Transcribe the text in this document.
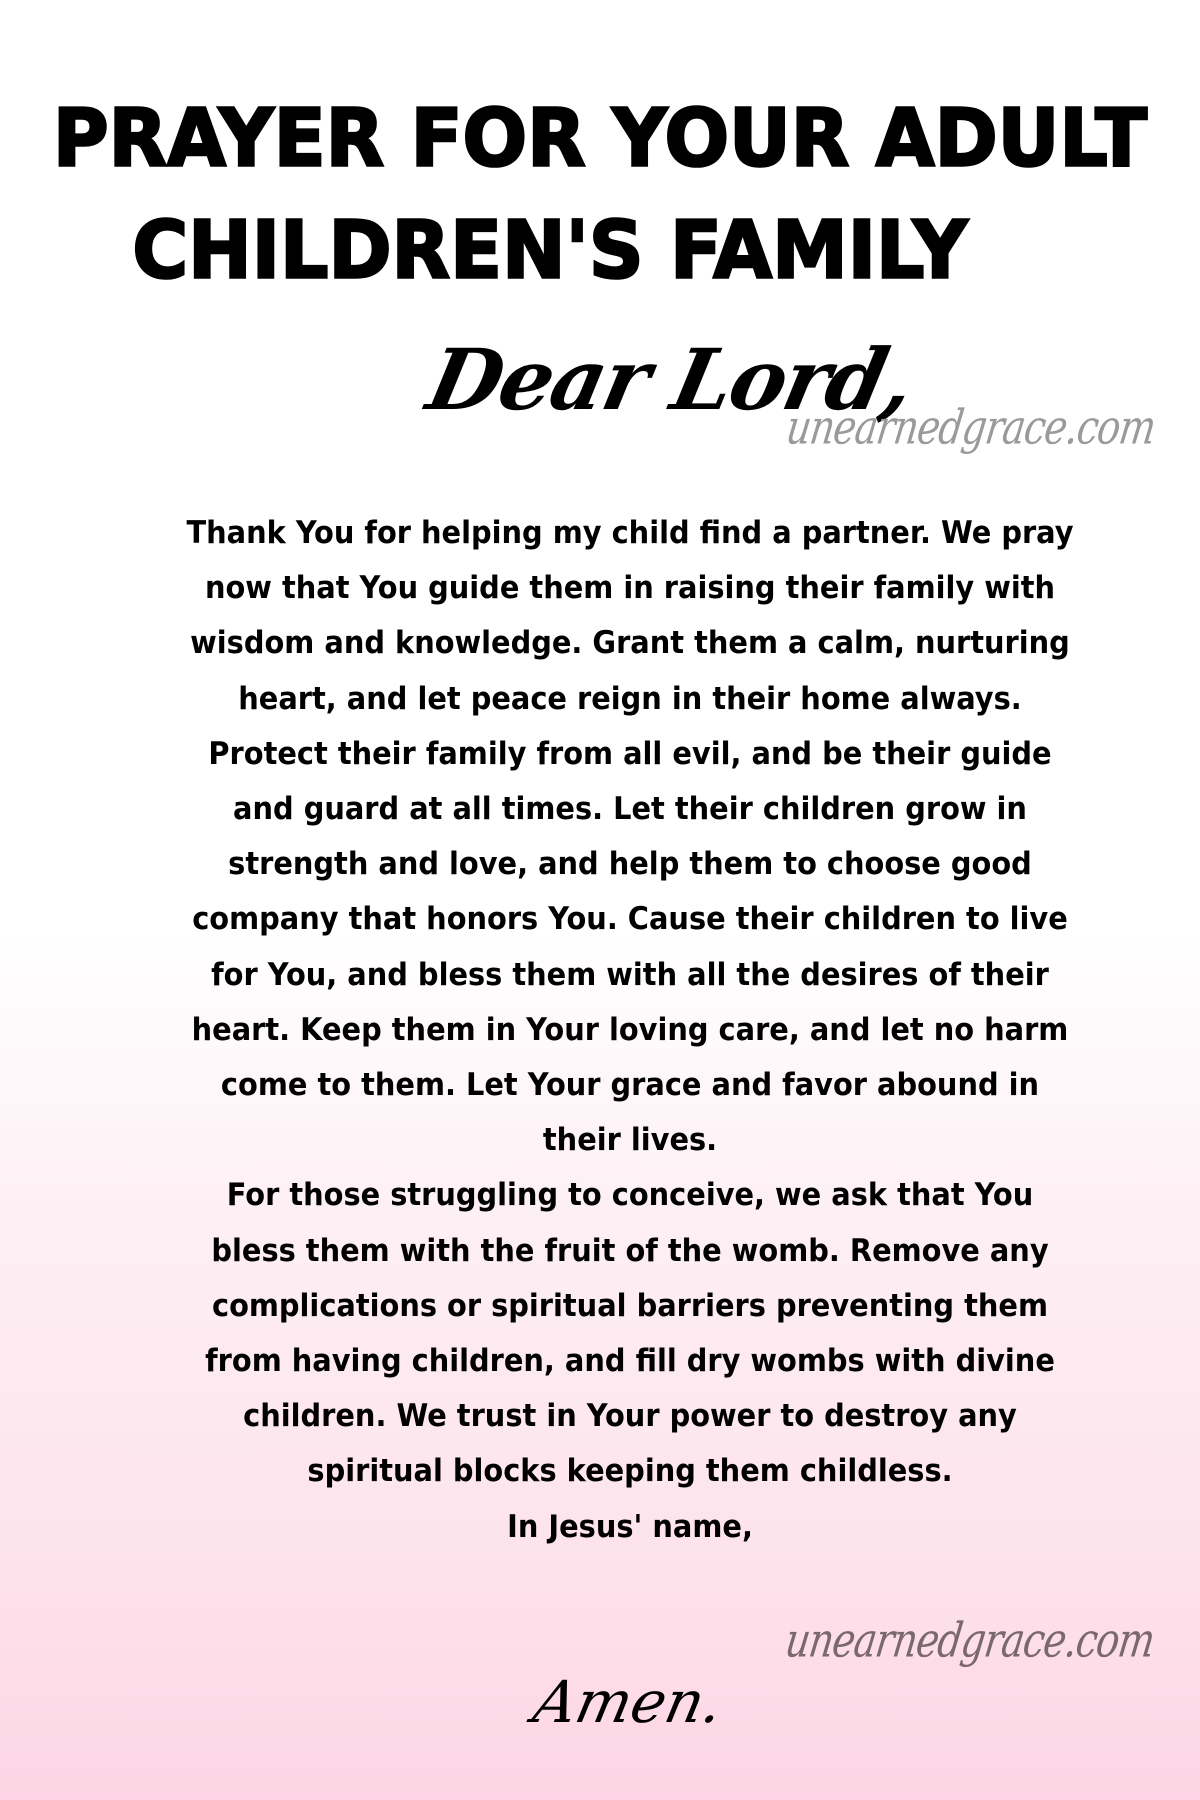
PRAYER FOR YOUR ADULT
CHILDREN'S FAMILY
Dear Lord,
unearnedgrace.com

Thank You for helping my child find a partner. We pray now that You guide them in raising their family with wisdom and knowledge. Grant them a calm, nurturing heart, and let peace reign in their home always.

Protect their family from all evil, and be their guide and guard at all times. Let their children grow in strength and love, and help them to choose good company that honors You. Cause their children to live for You, and bless them with all the desires of their heart. Keep them in Your loving care, and let no harm come to them. Let Your grace and favor abound in their lives.

For those struggling to conceive, we ask that You bless them with the fruit of the womb. Remove any complications or spiritual barriers preventing them from having children, and fill dry wombs with divine children. We trust in Your power to destroy any spiritual blocks keeping them childless.

In Jesus' name,

unearnedgrace.com
Amen.
